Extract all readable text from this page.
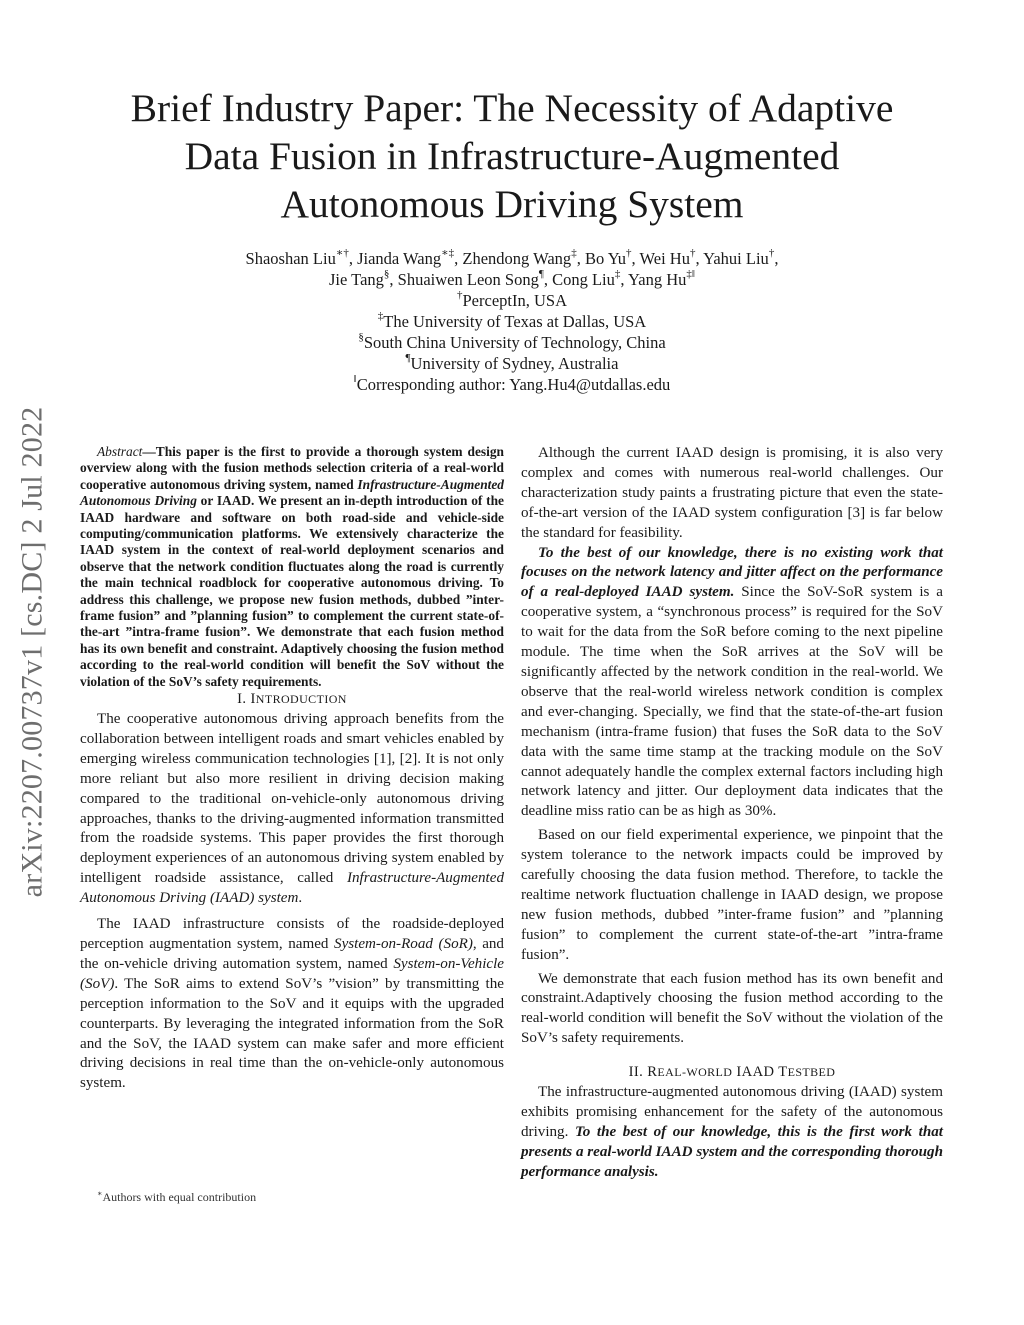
arXiv:2207.00737v1 [cs.DC] 2 Jul 2022
Brief Industry Paper: The Necessity of Adaptive
Data Fusion in Infrastructure-Augmented
Autonomous Driving System
Shaoshan Liu∗†, Jianda Wang∗‡, Zhendong Wang‡, Bo Yu†, Wei Hu†, Yahui Liu†,
Jie Tang§, Shuaiwen Leon Song¶, Cong Liu‡, Yang Hu‡‖
†PerceptIn, USA
‡The University of Texas at Dallas, USA
§South China University of Technology, China
¶University of Sydney, Australia
‖Corresponding author: Yang.Hu4@utdallas.edu

Abstract—This paper is the first to provide a thorough system design overview along with the fusion methods selection criteria of a real-world cooperative autonomous driving system, named Infrastructure-Augmented Autonomous Driving or IAAD. We present an in-depth introduction of the IAAD hardware and software on both road-side and vehicle-side computing/communication platforms. We extensively characterize the IAAD system in the context of real-world deployment scenarios and observe that the network condition fluctuates along the road is currently the main technical roadblock for cooperative autonomous driving. To address this challenge, we propose new fusion methods, dubbed ”inter-frame fusion” and ”planning fusion” to complement the current state-of-the-art ”intra-frame fusion”. We demonstrate that each fusion method has its own benefit and constraint. Adaptively choosing the fusion method according to the real-world condition will benefit the SoV without the violation of the SoV’s safety requirements.

I. INTRODUCTION

The cooperative autonomous driving approach benefits from the collaboration between intelligent roads and smart vehicles enabled by emerging wireless communication technologies [1], [2]. It is not only more reliant but also more resilient in driving decision making compared to the traditional on-vehicle-only autonomous driving approaches, thanks to the driving-augmented information transmitted from the roadside systems. This paper provides the first thorough deployment experiences of an autonomous driving system enabled by intelligent roadside assistance, called Infrastructure-Augmented Autonomous Driving (IAAD) system.

The IAAD infrastructure consists of the roadside-deployed perception augmentation system, named System-on-Road (SoR), and the on-vehicle driving automation system, named System-on-Vehicle (SoV). The SoR aims to extend SoV’s ”vision” by transmitting the perception information to the SoV and it equips with the upgraded counterparts. By leveraging the integrated information from the SoR and the SoV, the IAAD system can make safer and more efficient driving decisions in real time than the on-vehicle-only autonomous system.

∗Authors with equal contribution

Although the current IAAD design is promising, it is also very complex and comes with numerous real-world challenges. Our characterization study paints a frustrating picture that even the state-of-the-art version of the IAAD system configuration [3] is far below the standard for feasibility.

To the best of our knowledge, there is no existing work that focuses on the network latency and jitter affect on the performance of a real-deployed IAAD system. Since the SoV-SoR system is a cooperative system, a “synchronous process” is required for the SoV to wait for the data from the SoR before coming to the next pipeline module. The time when the SoR arrives at the SoV will be significantly affected by the network condition in the real-world. We observe that the real-world wireless network condition is complex and ever-changing. Specially, we find that the state-of-the-art fusion mechanism (intra-frame fusion) that fuses the SoR data to the SoV data with the same time stamp at the tracking module on the SoV cannot adequately handle the complex external factors including high network latency and jitter. Our deployment data indicates that the deadline miss ratio can be as high as 30%.

Based on our field experimental experience, we pinpoint that the system tolerance to the network impacts could be improved by carefully choosing the data fusion method. Therefore, to tackle the realtime network fluctuation challenge in IAAD design, we propose new fusion methods, dubbed ”inter-frame fusion” and ”planning fusion” to complement the current state-of-the-art ”intra-frame fusion”.

We demonstrate that each fusion method has its own benefit and constraint.Adaptively choosing the fusion method according to the real-world condition will benefit the SoV without the violation of the SoV’s safety requirements.

II. REAL-WORLD IAAD TESTBED

The infrastructure-augmented autonomous driving (IAAD) system exhibits promising enhancement for the safety of the autonomous driving. To the best of our knowledge, this is the first work that presents a real-world IAAD system and the corresponding thorough performance analysis.
